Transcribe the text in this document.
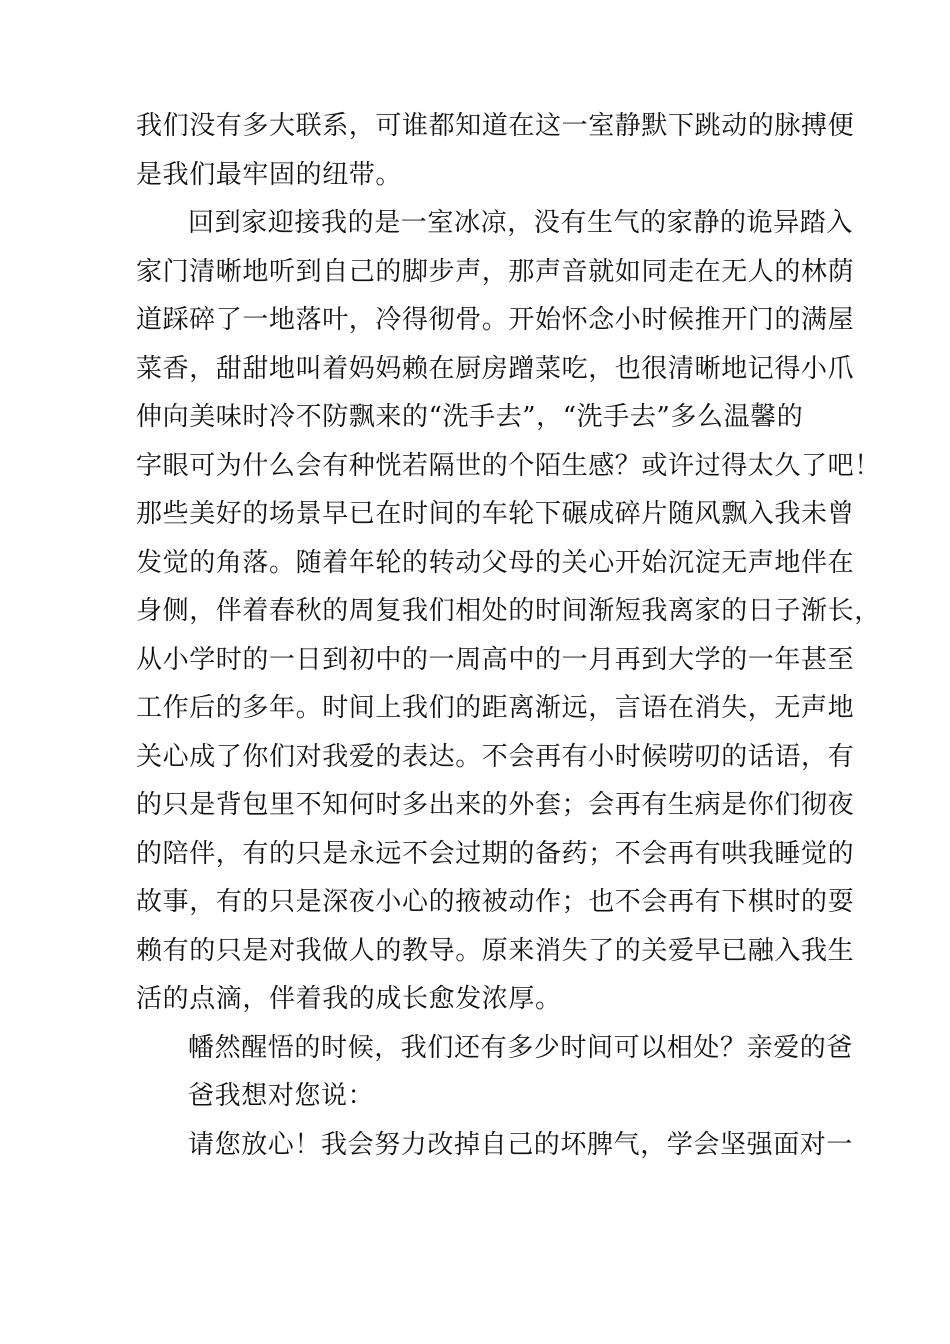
我们没有多大联系，可谁都知道在这一室静默下跳动的脉搏便
是我们最牢固的纽带。
回到家迎接我的是一室冰凉，没有生气的家静的诡异踏入
家门清晰地听到自己的脚步声，那声音就如同走在无人的林荫
道踩碎了一地落叶，冷得彻骨。开始怀念小时候推开门的满屋
菜香，甜甜地叫着妈妈赖在厨房蹭菜吃，也很清晰地记得小爪
伸向美味时冷不防飘来的“洗手去”，“洗手去”多么温馨的
字眼可为什么会有种恍若隔世的个陌生感？或许过得太久了吧！
那些美好的场景早已在时间的车轮下碾成碎片随风飘入我未曾
发觉的角落。随着年轮的转动父母的关心开始沉淀无声地伴在
身侧，伴着春秋的周复我们相处的时间渐短我离家的日子渐长，
从小学时的一日到初中的一周高中的一月再到大学的一年甚至
工作后的多年。时间上我们的距离渐远，言语在消失，无声地
关心成了你们对我爱的表达。不会再有小时候唠叨的话语，有
的只是背包里不知何时多出来的外套；会再有生病是你们彻夜
的陪伴，有的只是永远不会过期的备药；不会再有哄我睡觉的
故事，有的只是深夜小心的掖被动作；也不会再有下棋时的耍
赖有的只是对我做人的教导。原来消失了的关爱早已融入我生
活的点滴，伴着我的成长愈发浓厚。
幡然醒悟的时候，我们还有多少时间可以相处？亲爱的爸
爸我想对您说：
请您放心！我会努力改掉自己的坏脾气，学会坚强面对一
